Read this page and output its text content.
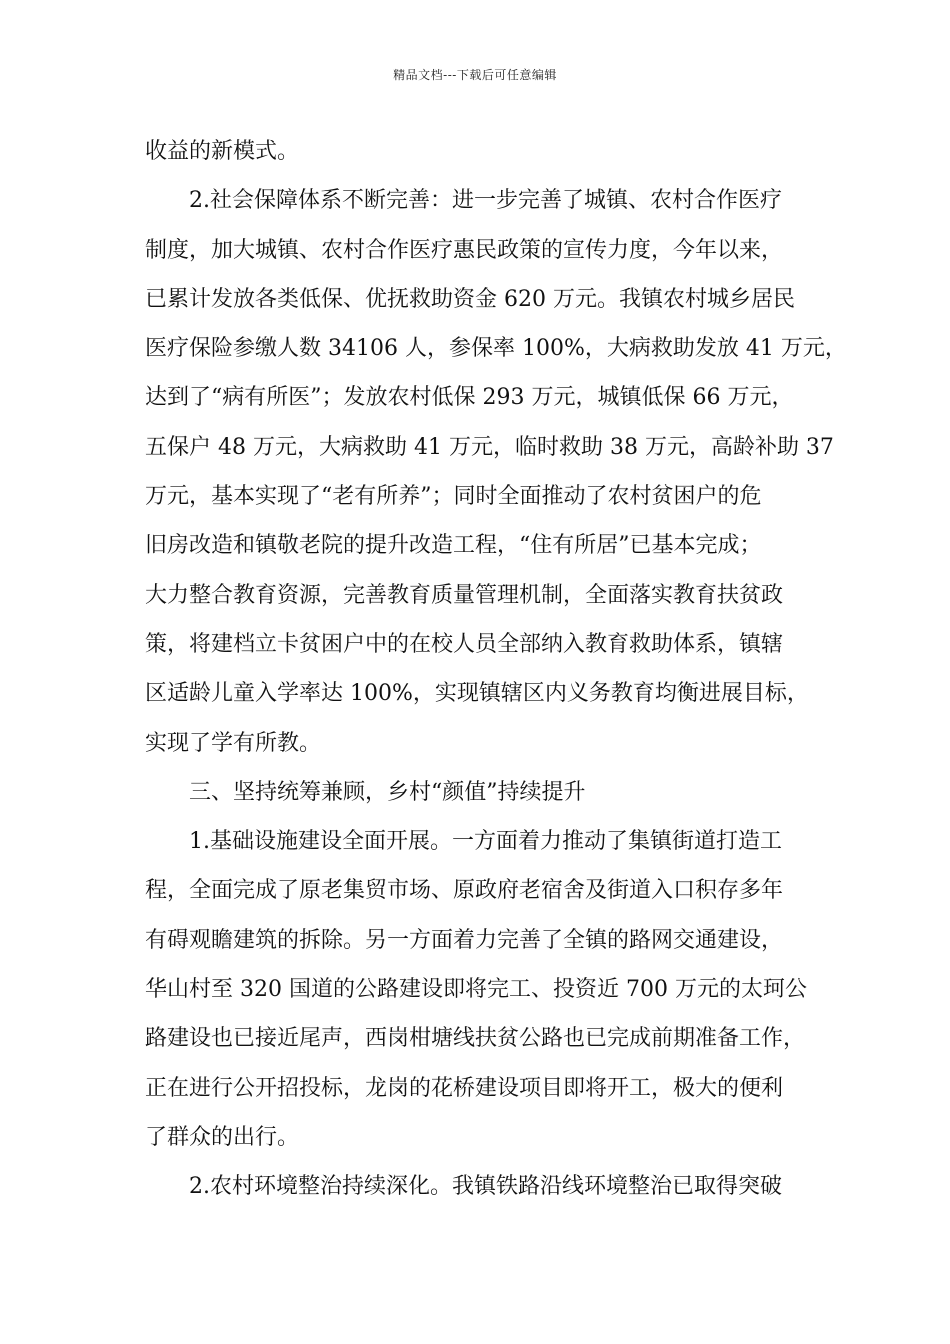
精品文档---下载后可任意编辑
收益的新模式。
2.社会保障体系不断完善：进一步完善了城镇、农村合作医疗
制度，加大城镇、农村合作医疗惠民政策的宣传力度，今年以来，
已累计发放各类低保、优抚救助资金 620 万元。我镇农村城乡居民
医疗保险参缴人数 34106 人，参保率 100%，大病救助发放 41 万元，
达到了“病有所医”；发放农村低保 293 万元，城镇低保 66 万元，
五保户 48 万元，大病救助 41 万元，临时救助 38 万元，高龄补助 37
万元，基本实现了“老有所养”；同时全面推动了农村贫困户的危
旧房改造和镇敬老院的提升改造工程，“住有所居”已基本完成；
大力整合教育资源，完善教育质量管理机制，全面落实教育扶贫政
策，将建档立卡贫困户中的在校人员全部纳入教育救助体系，镇辖
区适龄儿童入学率达 100%，实现镇辖区内义务教育均衡进展目标，
实现了学有所教。
三、坚持统筹兼顾，乡村“颜值”持续提升
1.基础设施建设全面开展。一方面着力推动了集镇街道打造工
程，全面完成了原老集贸市场、原政府老宿舍及街道入口积存多年
有碍观瞻建筑的拆除。另一方面着力完善了全镇的路网交通建设，
华山村至 320 国道的公路建设即将完工、投资近 700 万元的太珂公
路建设也已接近尾声，西岗柑塘线扶贫公路也已完成前期准备工作，
正在进行公开招投标，龙岗的花桥建设项目即将开工，极大的便利
了群众的出行。
2.农村环境整治持续深化。我镇铁路沿线环境整治已取得突破
